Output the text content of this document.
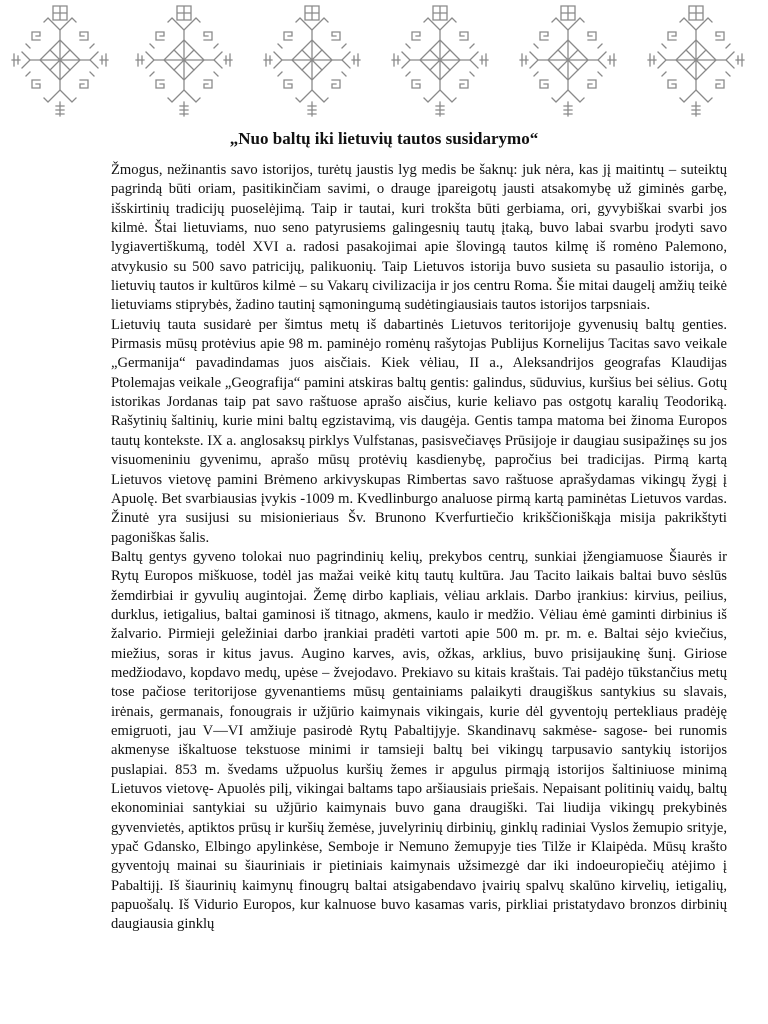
„Nuo baltų iki lietuvių tautos susidarymo“

Žmogus, nežinantis savo istorijos, turėtų jaustis lyg medis be šaknų: juk nėra, kas jį maitintų – suteiktų pagrindą būti oriam, pasitikinčiam savimi, o drauge įpareigotų jausti atsakomybę už giminės garbę, išskirtinių tradicijų puoselėjimą. Taip ir tautai, kuri trokšta būti gerbiama, ori, gyvybiškai svarbi jos kilmė. Štai lietuviams, nuo seno patyrusiems galingesnių tautų įtaką, buvo labai svarbu įrodyti savo lygiavertiškumą, todėl XVI a. radosi pasakojimai apie šlovingą tautos kilmę iš romėno Palemono, atvykusio su 500 savo patricijų, palikuonių. Taip Lietuvos istorija buvo susieta su pasaulio istorija, o lietuvių tautos ir kultūros kilmė – su Vakarų civilizacija ir jos centru Roma. Šie mitai daugelį amžių teikė lietuviams stiprybės, žadino tautinį sąmoningumą sudėtingiausiais tautos istorijos tarpsniais.

Lietuvių tauta susidarė per šimtus metų iš dabartinės Lietuvos teritorijoje gyvenusių baltų genties. Pirmasis mūsų protėvius apie 98 m. paminėjo romėnų rašytojas Publijus Kornelijus Tacitas savo veikale „Germanija“ pavadindamas juos aisčiais. Kiek vėliau, II a., Aleksandrijos geografas Klaudijas Ptolemajas veikale „Geografija“ pamini atskiras baltų gentis: galindus, sūduvius, kuršius bei sėlius. Gotų istorikas Jordanas taip pat savo raštuose aprašo aisčius, kurie keliavo pas ostgotų karalių Teodoriką. Rašytinių šaltinių, kurie mini baltų egzistavimą, vis daugėja. Gentis tampa matoma bei žinoma Europos tautų kontekste. IX a. anglosaksų pirklys Vulfstanas, pasisvečiavęs Prūsijoje ir daugiau susipažinęs su jos visuomeniniu gyvenimu, aprašo mūsų protėvių kasdienybę, papročius bei tradicijas. Pirmą kartą Lietuvos vietovę pamini Brėmeno arkivyskupas Rimbertas savo raštuose aprašydamas vikingų žygį į Apuolę. Bet svarbiausias įvykis -1009 m. Kvedlinburgo analuose pirmą kartą paminėtas Lietuvos vardas. Žinutė yra susijusi su misionieriaus Šv. Brunono Kverfurtiečio krikščioniškąja misija pakrikštyti pagoniškas šalis.

Baltų gentys gyveno tolokai nuo pagrindinių kelių, prekybos centrų, sunkiai įžengiamuose Šiaurės ir Rytų Europos miškuose, todėl jas mažai veikė kitų tautų kultūra. Jau Tacito laikais baltai buvo sėslūs žemdirbiai ir gyvulių augintojai. Žemę dirbo kapliais, vėliau arklais. Darbo įrankius: kirvius, peilius, durklus, ietigalius, baltai gaminosi iš titnago, akmens, kaulo ir medžio. Vėliau ėmė gaminti dirbinius iš žalvario. Pirmieji geležiniai darbo įrankiai pradėti vartoti apie 500 m. pr. m. e. Baltai sėjo kviečius, miežius, soras ir kitus javus. Augino karves, avis, ožkas, arklius, buvo prisijaukinę šunį. Giriose medžiodavo, kopdavo medų, upėse – žvejodavo. Prekiavo su kitais kraštais. Tai padėjo tūkstančius metų tose pačiose teritorijose gyvenantiems mūsų gentainiams palaikyti draugiškus santykius su slavais, irėnais, germanais, fonougrais ir užjūrio kaimynais vikingais, kurie dėl gyventojų pertekliaus pradėję emigruoti, jau V—VI amžiuje pasirodė Rytų Pabaltijyje. Skandinavų sakmėse- sagose- bei runomis akmenyse iškaltuose tekstuose minimi ir tamsieji baltų bei vikingų tarpusavio santykių istorijos puslapiai. 853 m. švedams užpuolus kuršių žemes ir apgulus pirmąją istorijos šaltiniuose minimą Lietuvos vietovę- Apuolės pilį, vikingai baltams tapo aršiausiais priešais. Nepaisant politinių vaidų, baltų ekonominiai santykiai su užjūrio kaimynais buvo gana draugiški. Tai liudija vikingų prekybinės gyvenvietės, aptiktos prūsų ir kuršių žemėse, juvelyrinių dirbinių, ginklų radiniai Vyslos žemupio srityje, ypač Gdansko, Elbingo apylinkėse, Semboje ir Nemuno žemupyje ties Tilže ir Klaipėda. Mūsų krašto gyventojų mainai su šiauriniais ir pietiniais kaimynais užsimezgė dar iki indoeuropiečių atėjimo į Pabaltijį. Iš šiaurinių kaimynų finougrų baltai atsigabendavo įvairių spalvų skalūno kirvelių, ietigalių, papuošalų. Iš Vidurio Europos, kur kalnuose buvo kasamas varis, pirkliai pristatydavo bronzos dirbinių daugiausia ginklų
